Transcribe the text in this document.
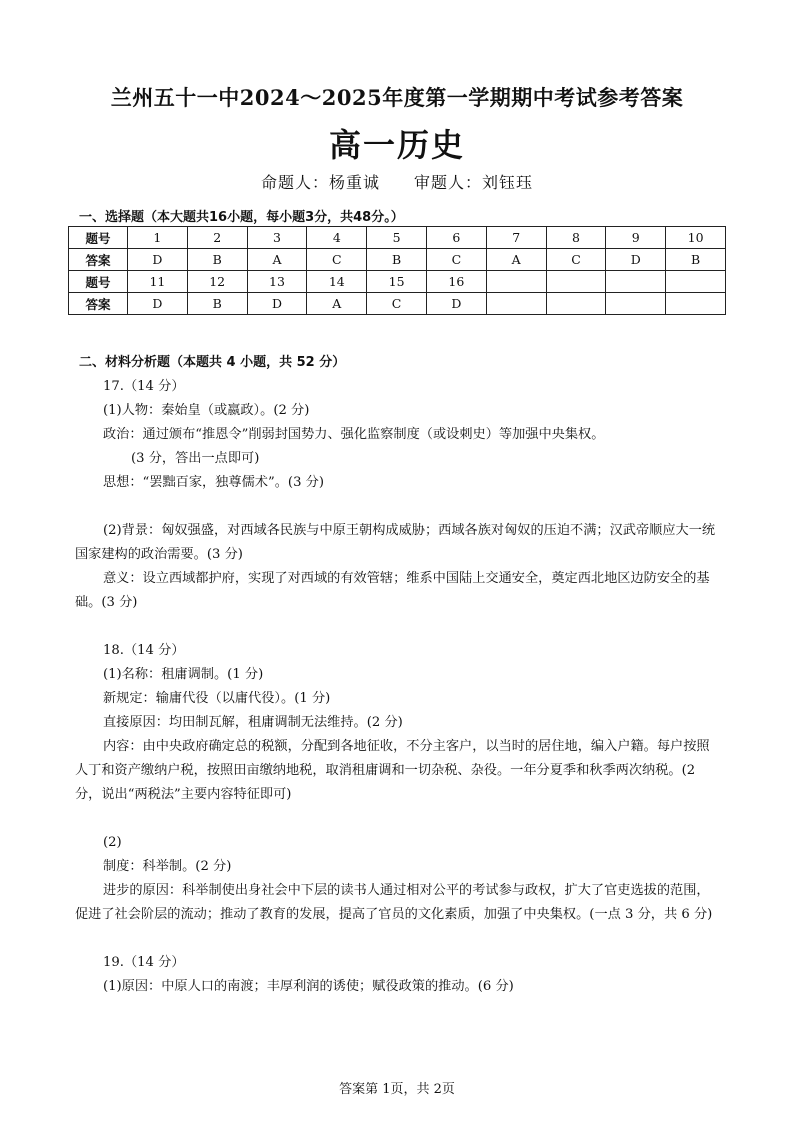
兰州五十一中2024～2025年度第一学期期中考试参考答案
高一历史
命题人：杨重诚 审题人：刘钰珏
一、选择题（本大题共16小题，每小题3分，共48分。）
题号	1	2	3	4	5	6	7	8	9	10
答案	D	B	A	C	B	C	A	C	D	B
题号	11	12	13	14	15	16				
答案	D	B	D	A	C	D				
二、材料分析题（本题共 4 小题，共 52 分）

17.（14 分）

(1)人物：秦始皇（或嬴政）。(2 分)

政治：通过颁布“推恩令”削弱封国势力、强化监察制度（或设刺史）等加强中央集权。

(3 分，答出一点即可)

思想：“罢黜百家，独尊儒术”。(3 分)

(2)背景：匈奴强盛，对西域各民族与中原王朝构成威胁；西域各族对匈奴的压迫不满；汉武帝顺应大一统国家建构的政治需要。(3 分)

意义：设立西域都护府，实现了对西域的有效管辖；维系中国陆上交通安全，奠定西北地区边防安全的基础。(3 分)

18.（14 分）

(1)名称：租庸调制。(1 分)

新规定：输庸代役（以庸代役）。(1 分)

直接原因：均田制瓦解，租庸调制无法维持。(2 分)

内容：由中央政府确定总的税额，分配到各地征收，不分主客户，以当时的居住地，编入户籍。每户按照人丁和资产缴纳户税，按照田亩缴纳地税，取消租庸调和一切杂税、杂役。一年分夏季和秋季两次纳税。(2 分，说出“两税法”主要内容特征即可)

(2)

制度：科举制。(2 分)

进步的原因：科举制使出身社会中下层的读书人通过相对公平的考试参与政权，扩大了官吏选拔的范围，促进了社会阶层的流动；推动了教育的发展，提高了官员的文化素质，加强了中央集权。(一点 3 分，共 6 分)

19.（14 分）

(1)原因：中原人口的南渡；丰厚利润的诱使；赋役政策的推动。(6 分)

答案第 1页，共 2页
